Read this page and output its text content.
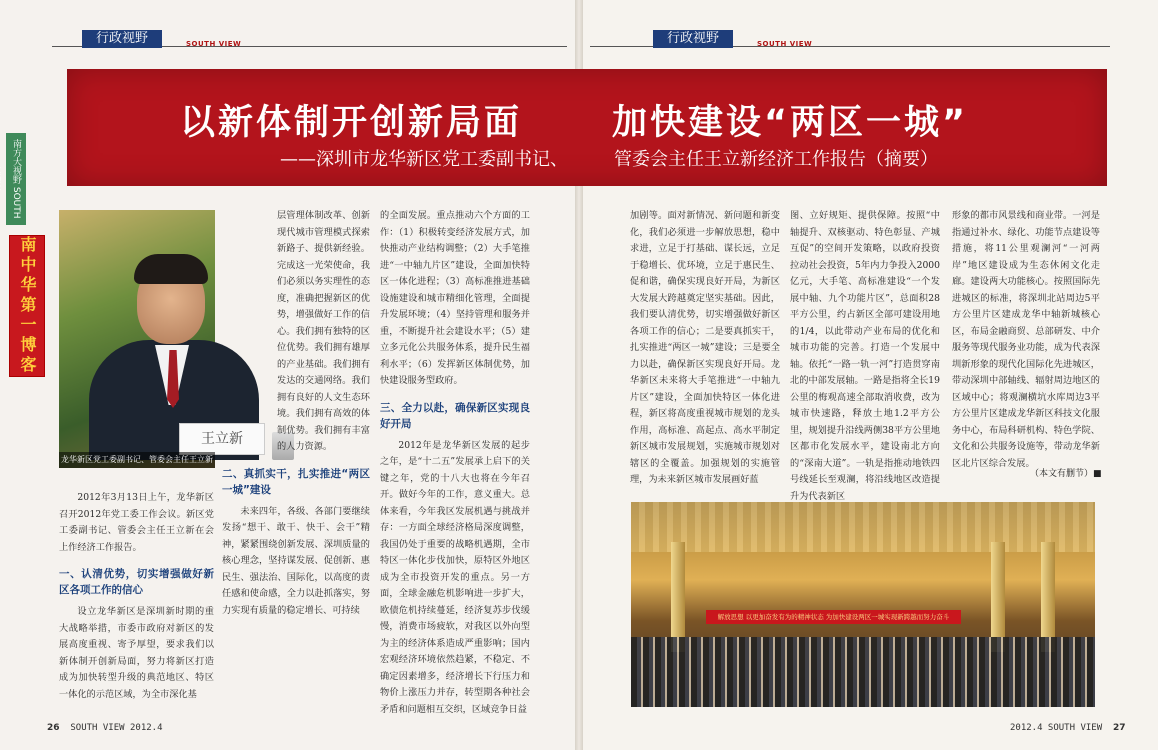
行政视野	SOUTH VIEW	行政视野	SOUTH VIEW
以新体制开创新局面	加快建设“两区一城”
——深圳市龙华新区党工委副书记、	管委会主任王立新经济工作报告（摘要）
南方大视野 SOUTH
南中华第一博客
王立新
龙华新区党工委副书记、管委会主任王立新

2012年3月13日上午，龙华新区召开2012年党工委工作会议。新区党工委副书记、管委会主任王立新在会上作经济工作报告。

一、认清优势，切实增强做好新区各项工作的信心

设立龙华新区是深圳新时期的重大战略举措，市委市政府对新区的发展高度重视、寄予厚望，要求我们以新体制开创新局面，努力将新区打造成为加快转型升级的典范地区、特区一体化的示范区域，为全市深化基

层管理体制改革、创新现代城市管理模式探索新路子、提供新经验。完成这一光荣使命，我们必须以务实理性的态度，准确把握新区的优势，增强做好工作的信心。我们拥有独特的区位优势。我们拥有雄厚的产业基础。我们拥有发达的交通网络。我们拥有良好的人文生态环境。我们拥有高效的体制优势。我们拥有丰富的人力资源。

二、真抓实干，扎实推进“两区一城”建设

未来四年，各级、各部门要继续发扬“想干、敢干、快干、会干”精神，紧紧围绕创新发展、深圳质量的核心理念，坚持谋发展、促创新、惠民生、强法治、国际化，以高度的责任感和使命感，全力以赴抓落实，努力实现有质量的稳定增长、可持续

的全面发展。重点推动六个方面的工作：（1）积极转变经济发展方式，加快推动产业结构调整；（2）大手笔推进“一中轴九片区”建设，全面加快特区一体化进程；（3）高标准推进基础设施建设和城市精细化管理，全面提升发展环境；（4）坚持管理和服务并重，不断提升社会建设水平；（5）建立多元化公共服务体系，提升民生福利水平；（6）发挥新区体制优势，加快建设服务型政府。

三、全力以赴，确保新区实现良好开局

2012年是龙华新区发展的起步之年，是“十二五”发展承上启下的关键之年，党的十八大也将在今年召开。做好今年的工作，意义重大。总体来看，今年我区发展机遇与挑战并存：一方面全球经济格局深度调整，我国仍处于重要的战略机遇期，全市特区一体化步伐加快，原特区外地区成为全市投资开发的重点。另一方面，全球金融危机影响进一步扩大，欧债危机持续蔓延，经济复苏步伐缓慢，消费市场疲软，对我区以外向型为主的经济体系造成严重影响；国内宏观经济环境依然趋紧，不稳定、不确定因素增多，经济增长下行压力和物价上涨压力并存，转型期各种社会矛盾和问题相互交织，区域竞争日益

加剧等。面对新情况、新问题和新变化，我们必须进一步解放思想，稳中求进，立足于打基础、谋长远，立足于稳增长、优环境，立足于惠民生、促和谐，确保实现良好开局，为新区大发展大跨越奠定坚实基础。因此，我们要认清优势，切实增强做好新区各项工作的信心；二是要真抓实干，扎实推进“两区一城”建设；三是要全力以赴，确保新区实现良好开局。龙华新区未来将大手笔推进“一中轴九片区”建设，全面加快特区一体化进程，新区将高度重视城市规划的龙头作用，高标准、高起点、高水平制定新区城市发展规划，实施城市规划对辖区的全覆盖。加强规划的实施管理，为未来新区城市发展画好蓝

图、立好规矩、提供保障。按照“中轴提升、双核驱动、特色彰显、产城互促”的空间开发策略，以政府投资拉动社会投资，5年内力争投入2000亿元，大手笔、高标准建设“一个发展中轴、九个功能片区”，总面积28平方公里，约占新区全部可建设用地的1/4，以此带动产业布局的优化和城市功能的完善。打造一个发展中轴。依托“一路一轨一河”打造贯穿南北的中部发展轴。一路是指将全长19公里的梅观高速全部取消收费，改为城市快速路，释放土地1.2平方公里，规划提升沿线两侧38平方公里地区都市化发展水平，建设南北方向的“深南大道”。一轨是指推动地铁四号线延长至观澜，将沿线地区改造提升为代表新区

形象的都市风景线和商业带。一河是指通过补水、绿化、功能节点建设等措施，将11公里观澜河“一河两岸”地区建设成为生态休闲文化走廊。建设两大功能核心。按照国际先进城区的标准，将深圳北站周边5平方公里片区建成龙华中轴新城核心区，布局金融商贸、总部研发、中介服务等现代服务业功能，成为代表深圳新形象的现代化国际化先进城区，带动深圳中部轴线、辐射周边地区的区域中心；将观澜横坑水库周边3平方公里片区建成龙华新区科技文化服务中心，布局科研机构、特色学院、文化和公共服务设施等，带动龙华新区北片区综合发展。

（本文有删节）■
解放思想 以更加奋发有为的精神状态 为加快建设两区一城实现新跨越而努力奋斗
26 SOUTH VIEW 2012.4	2012.4 SOUTH VIEW 27
